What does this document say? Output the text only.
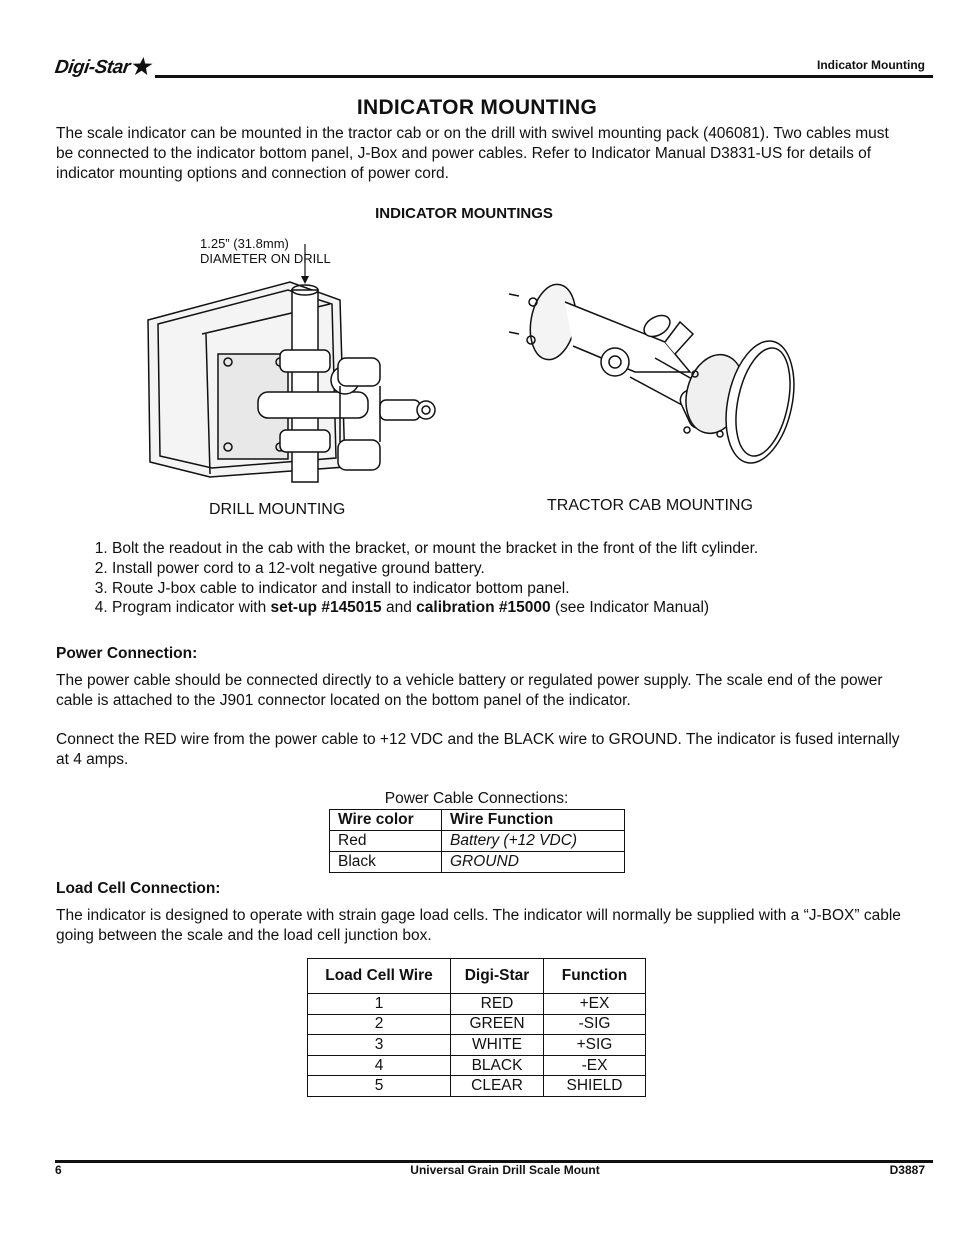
Digi-Star	Indicator Mounting
INDICATOR MOUNTING
The scale indicator can be mounted in the tractor cab or on the drill with swivel mounting pack (406081). Two cables must be connected to the indicator bottom panel, J-Box and power cables. Refer to Indicator Manual D3831-US for details of indicator mounting options and connection of power cord.
INDICATOR MOUNTINGS
1.25” (31.8mm)
DIAMETER ON DRILL
DRILL MOUNTING	TRACTOR CAB MOUNTING
1. Bolt the readout in the cab with the bracket, or mount the bracket in the front of the lift cylinder.
2. Install power cord to a 12-volt negative ground battery.
3. Route J-box cable to indicator and install to indicator bottom panel.
4. Program indicator with set-up #145015 and calibration #15000 (see Indicator Manual)
Power Connection:
The power cable should be connected directly to a vehicle battery or regulated power supply. The scale end of the power cable is attached to the J901 connector located on the bottom panel of the indicator.
Connect the RED wire from the power cable to +12 VDC and the BLACK wire to GROUND. The indicator is fused internally at 4 amps.
Power Cable Connections:
Wire color	Wire Function
Red	Battery (+12 VDC)
Black	GROUND
Load Cell Connection:
The indicator is designed to operate with strain gage load cells. The indicator will normally be supplied with a “J-BOX” cable going between the scale and the load cell junction box.
Load Cell Wire	Digi-Star	Function
1	RED	+EX
2	GREEN	-SIG
3	WHITE	+SIG
4	BLACK	-EX
5	CLEAR	SHIELD
6	Universal Grain Drill Scale Mount	D3887
